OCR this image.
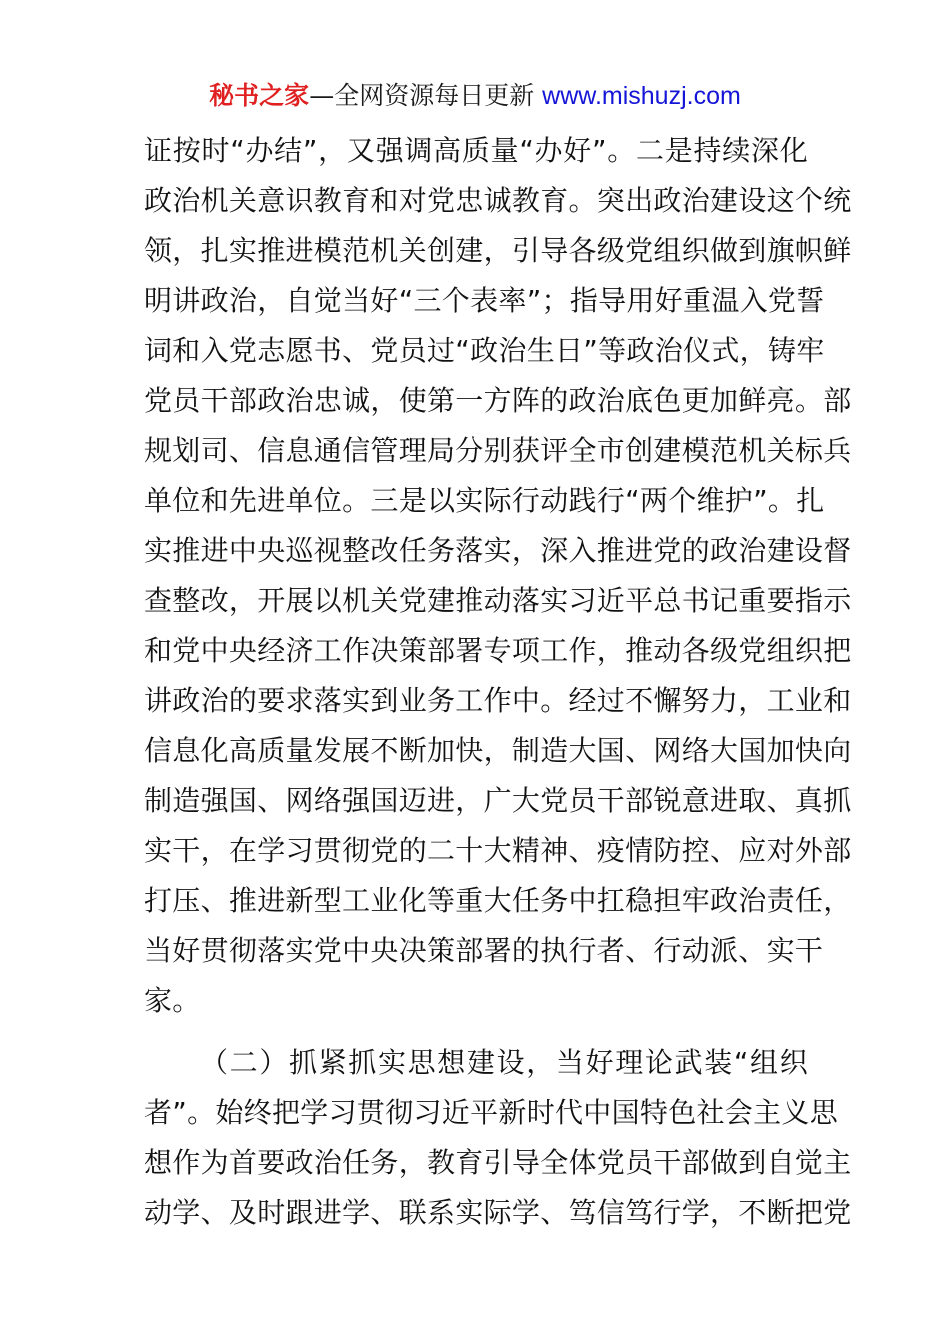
秘书之家—全网资源每日更新 www.mishuzj.com
证按时“办结”，又强调高质量“办好”。二是持续深化
政治机关意识教育和对党忠诚教育。突出政治建设这个统
领，扎实推进模范机关创建，引导各级党组织做到旗帜鲜
明讲政治，自觉当好“三个表率”；指导用好重温入党誓
词和入党志愿书、党员过“政治生日”等政治仪式，铸牢
党员干部政治忠诚，使第一方阵的政治底色更加鲜亮。部
规划司、信息通信管理局分别获评全市创建模范机关标兵
单位和先进单位。三是以实际行动践行“两个维护”。扎
实推进中央巡视整改任务落实，深入推进党的政治建设督
查整改，开展以机关党建推动落实习近平总书记重要指示
和党中央经济工作决策部署专项工作，推动各级党组织把
讲政治的要求落实到业务工作中。经过不懈努力，工业和
信息化高质量发展不断加快，制造大国、网络大国加快向
制造强国、网络强国迈进，广大党员干部锐意进取、真抓
实干，在学习贯彻党的二十大精神、疫情防控、应对外部
打压、推进新型工业化等重大任务中扛稳担牢政治责任，
当好贯彻落实党中央决策部署的执行者、行动派、实干
家。
（二）抓紧抓实思想建设，当好理论武装“组织
者”。始终把学习贯彻习近平新时代中国特色社会主义思
想作为首要政治任务，教育引导全体党员干部做到自觉主
动学、及时跟进学、联系实际学、笃信笃行学，不断把党
